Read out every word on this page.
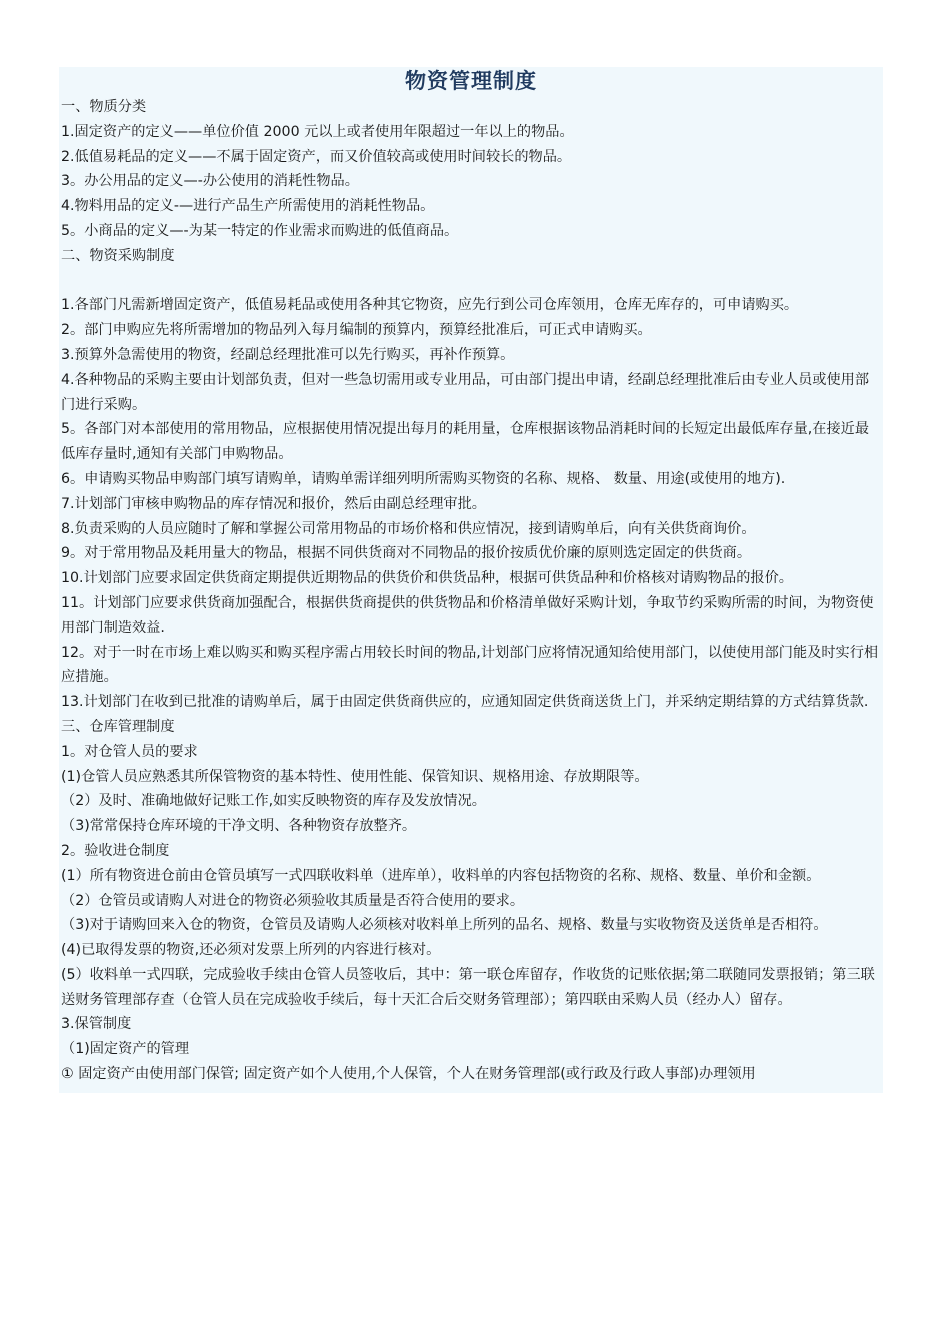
物资管理制度

一、物质分类

1.固定资产的定义——单位价值 2000 元以上或者使用年限超过一年以上的物品。

2.低值易耗品的定义——不属于固定资产，而又价值较高或使用时间较长的物品。

3。办公用品的定义—-办公使用的消耗性物品。

4.物料用品的定义-—进行产品生产所需使用的消耗性物品。

5。小商品的定义—-为某一特定的作业需求而购进的低值商品。

二、物资采购制度

1.各部门凡需新增固定资产，低值易耗品或使用各种其它物资，应先行到公司仓库领用，仓库无库存的，可申请购买。

2。部门申购应先将所需增加的物品列入每月编制的预算内，预算经批准后，可正式申请购买。

3.预算外急需使用的物资，经副总经理批准可以先行购买，再补作预算。

4.各种物品的采购主要由计划部负责，但对一些急切需用或专业用品，可由部门提出申请，经副总经理批准后由专业人员或使用部门进行采购。

5。各部门对本部使用的常用物品，应根据使用情况提出每月的耗用量，仓库根据该物品消耗时间的长短定出最低库存量,在接近最低库存量时,通知有关部门申购物品。

6。申请购买物品申购部门填写请购单，请购单需详细列明所需购买物资的名称、规格、 数量、用途(或使用的地方).

7.计划部门审核申购物品的库存情况和报价，然后由副总经理审批。

8.负责采购的人员应随时了解和掌握公司常用物品的市场价格和供应情况，接到请购单后，向有关供货商询价。

9。对于常用物品及耗用量大的物品，根据不同供货商对不同物品的报价按质优价廉的原则选定固定的供货商。

10.计划部门应要求固定供货商定期提供近期物品的供货价和供货品种，根据可供货品种和价格核对请购物品的报价。

11。计划部门应要求供货商加强配合，根据供货商提供的供货物品和价格清单做好采购计划，争取节约采购所需的时间，为物资使用部门制造效益.

12。对于一时在市场上难以购买和购买程序需占用较长时间的物品,计划部门应将情况通知给使用部门，以使使用部门能及时实行相应措施。

13.计划部门在收到已批准的请购单后，属于由固定供货商供应的，应通知固定供货商送货上门，并采纳定期结算的方式结算货款.

三、仓库管理制度

1。对仓管人员的要求

(1)仓管人员应熟悉其所保管物资的基本特性、使用性能、保管知识、规格用途、存放期限等。

（2）及时、准确地做好记账工作,如实反映物资的库存及发放情况。

（3)常常保持仓库环境的干净文明、各种物资存放整齐。

2。验收进仓制度

(1）所有物资进仓前由仓管员填写一式四联收料单（进库单），收料单的内容包括物资的名称、规格、数量、单价和金额。

（2）仓管员或请购人对进仓的物资必须验收其质量是否符合使用的要求。

（3)对于请购回来入仓的物资，仓管员及请购人必须核对收料单上所列的品名、规格、数量与实收物资及送货单是否相符。

(4)已取得发票的物资,还必须对发票上所列的内容进行核对。

(5）收料单一式四联，完成验收手续由仓管人员签收后，其中：第一联仓库留存，作收货的记账依据;第二联随同发票报销；第三联送财务管理部存查（仓管人员在完成验收手续后，每十天汇合后交财务管理部）；第四联由采购人员（经办人）留存。

3.保管制度

（1)固定资产的管理

① 固定资产由使用部门保管; 固定资产如个人使用,个人保管，个人在财务管理部(或行政及行政人事部)办理领用
